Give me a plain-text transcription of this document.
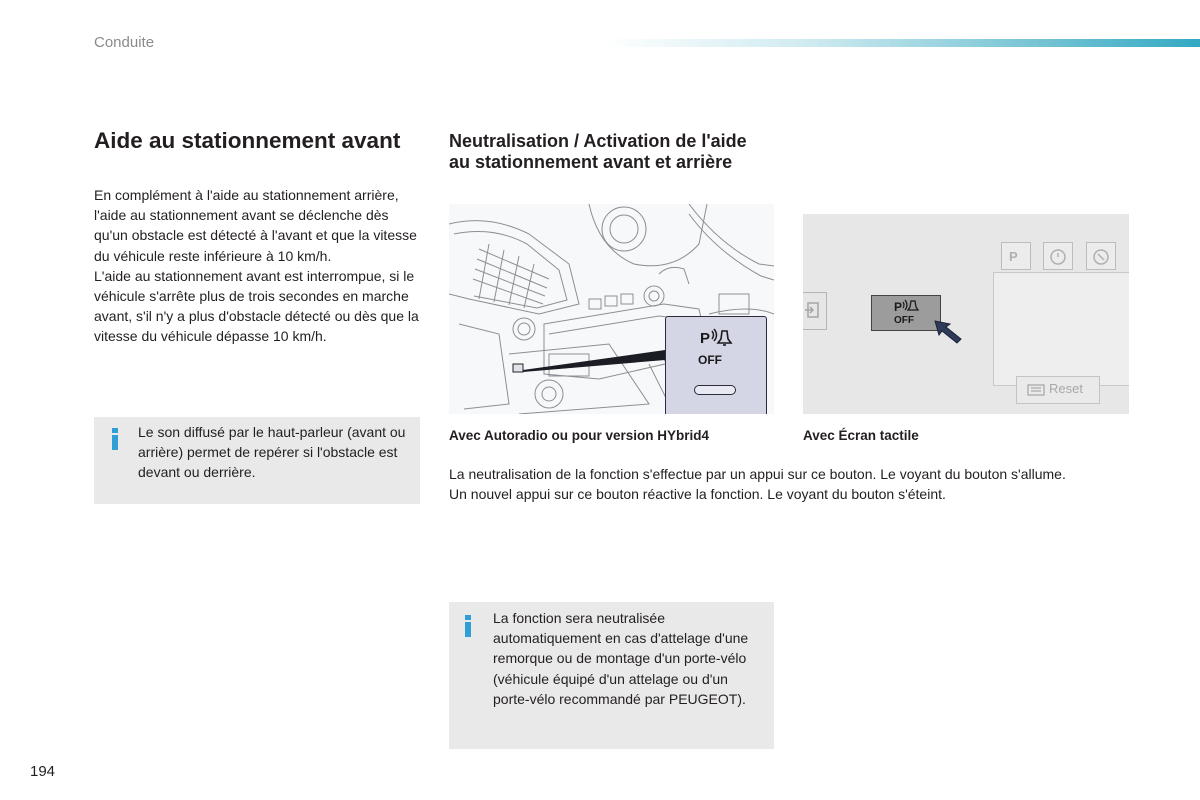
Conduite
Aide au stationnement avant

En complément à l'aide au stationnement arrière, l'aide au stationnement avant se déclenche dès qu'un obstacle est détecté à l'avant et que la vitesse du véhicule reste inférieure à 10 km/h.

L'aide au stationnement avant est interrompue, si le véhicule s'arrête plus de trois secondes en marche avant, s'il n'y a plus d'obstacle détecté ou dès que la vitesse du véhicule dépasse 10 km/h.

Le son diffusé par le haut-parleur (avant ou arrière) permet de repérer si l'obstacle est devant ou derrière.
Neutralisation / Activation de l'aide au stationnement avant et arrière
P
OFF
P
Reset
P
OFF
Avec Autoradio ou pour version HYbrid4	Avec Écran tactile

La neutralisation de la fonction s'effectue par un appui sur ce bouton. Le voyant du bouton s'allume.

Un nouvel appui sur ce bouton réactive la fonction. Le voyant du bouton s'éteint.

La fonction sera neutralisée automatiquement en cas d'attelage d'une remorque ou de montage d'un porte-vélo (véhicule équipé d'un attelage ou d'un porte-vélo recommandé par PEUGEOT).
194
